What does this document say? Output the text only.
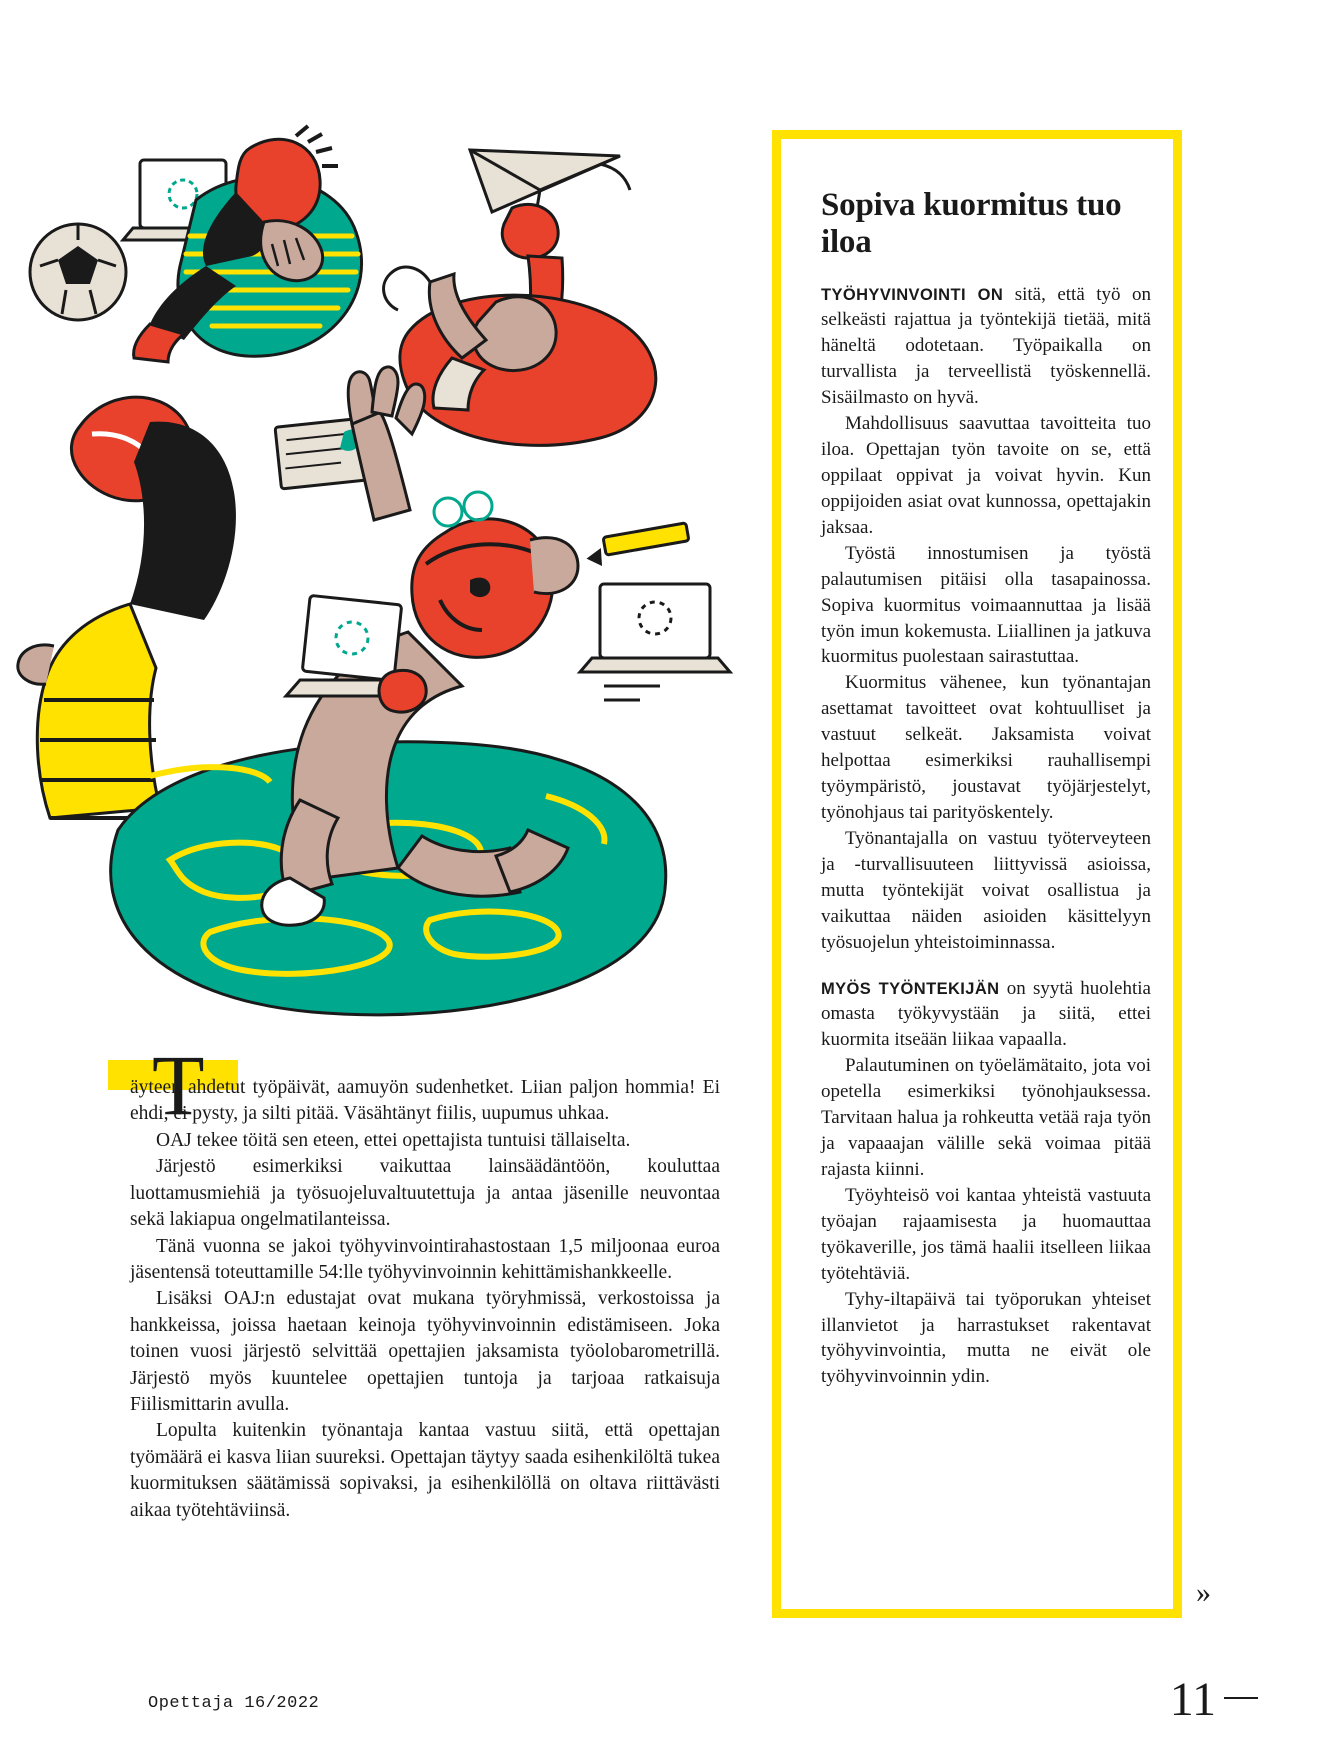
T

äyteen ahdetut työpäivät, aamuyön sudenhetket. Liian paljon hommia! Ei ehdi, ei pysty, ja silti pitää. Väsähtänyt fiilis, uupumus uhkaa.

OAJ tekee töitä sen eteen, ettei opettajista tuntuisi tällaiselta.

Järjestö esimerkiksi vaikuttaa lainsäädäntöön, kouluttaa luottamusmiehiä ja työsuojeluvaltuutettuja ja antaa jäsenille neuvontaa sekä lakiapua ongelmatilanteissa.

Tänä vuonna se jakoi työhyvinvointirahastostaan 1,5 miljoonaa euroa jäsentensä toteuttamille 54:lle työhyvinvoinnin kehittämishankkeelle.

Lisäksi OAJ:n edustajat ovat mukana työryhmissä, verkostoissa ja hankkeissa, joissa haetaan keinoja työhyvinvoinnin edistämiseen. Joka toinen vuosi järjestö selvittää opettajien jaksamista työolobarometrillä. Järjestö myös kuuntelee opettajien tuntoja ja tarjoaa ratkaisuja Fiilismittarin avulla.

Lopulta kuitenkin työnantaja kantaa vastuu siitä, että opettajan työmäärä ei kasva liian suureksi. Opettajan täytyy saada esihenkilöltä tukea kuormituksen säätämissä sopivaksi, ja esihenkilöllä on oltava riittävästi aikaa työtehtäviinsä.

Sopiva kuormitus tuo iloa

TYÖHYVINVOINTI ON sitä, että työ on selkeästi rajattua ja työntekijä tietää, mitä häneltä odotetaan. Työpaikalla on turvallista ja terveellistä työskennellä. Sisäilmasto on hyvä.

Mahdollisuus saavuttaa tavoitteita tuo iloa. Opettajan työn tavoite on se, että oppilaat oppivat ja voivat hyvin. Kun oppijoiden asiat ovat kunnossa, opettajakin jaksaa.

Työstä innostumisen ja työstä palautumisen pitäisi olla tasapainossa. Sopiva kuormitus voimaannuttaa ja lisää työn imun kokemusta. Liiallinen ja jatkuva kuormitus puolestaan sairastuttaa.

Kuormitus vähenee, kun työnantajan asettamat tavoitteet ovat kohtuulliset ja vastuut selkeät. Jaksamista voivat helpottaa esimerkiksi rauhallisempi työympäristö, joustavat työjärjestelyt, työnohjaus tai parityöskentely.

Työnantajalla on vastuu työterveyteen ja -turvallisuuteen liittyvissä asioissa, mutta työntekijät voivat osallistua ja vaikuttaa näiden asioiden käsittelyyn työsuojelun yhteistoiminnassa.

MYÖS TYÖNTEKIJÄN on syytä huolehtia omasta työkyvystään ja siitä, ettei kuormita itseään liikaa vapaalla.

Palautuminen on työelämätaito, jota voi opetella esimerkiksi työnohjauksessa. Tarvitaan halua ja rohkeutta vetää raja työn ja vapaaajan välille sekä voimaa pitää rajasta kiinni.

Työyhteisö voi kantaa yhteistä vastuuta työajan rajaamisesta ja huomauttaa työkaverille, jos tämä haalii itselleen liikaa työtehtäviä.

Tyhy-iltapäivä tai työporukan yhteiset illanvietot ja harrastukset rakentavat työhyvinvointia, mutta ne eivät ole työhyvinvoinnin ydin.

»
Opettaja 16/2022	11
